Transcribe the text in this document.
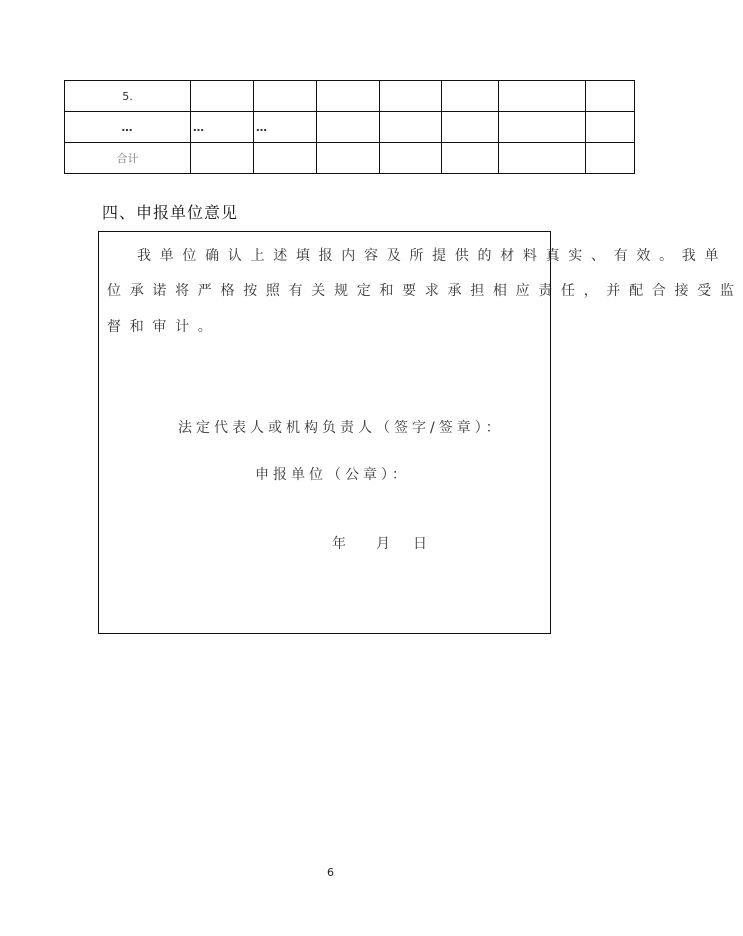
5.							
…	…	…					
合计							
四、申报单位意见
我单位确认上述填报内容及所提供的材料真实、有效。我单
位承诺将严格按照有关规定和要求承担相应责任，并配合接受监
督和审计。
法定代表人或机构负责人（签字/签章）：
申报单位（公章）：
年 月 日
6
